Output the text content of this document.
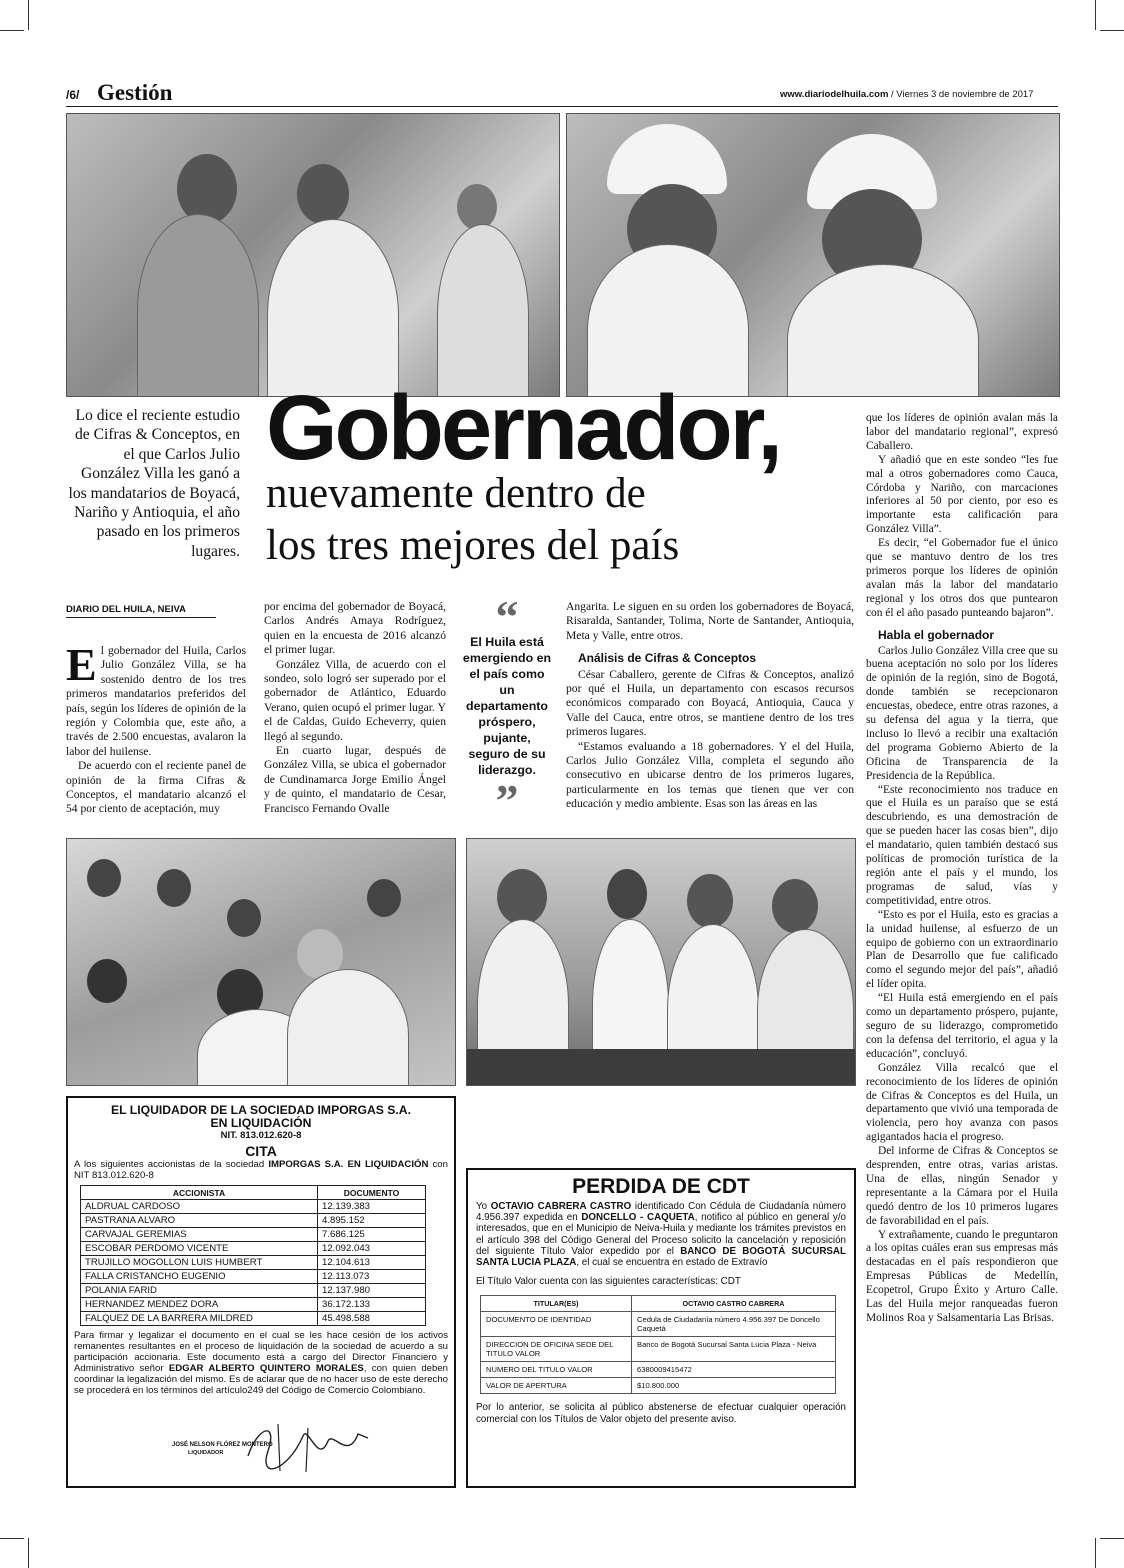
/6/ Gestión	www.diariodelhuila.com / Viernes 3 de noviembre de 2017
Gobernador,
nuevamente dentro de
los tres mejores del país
Lo dice el reciente estudio de Cifras & Conceptos, en el que Carlos Julio González Villa les ganó a los mandatarios de Boyacá, Nariño y Antioquia, el año pasado en los primeros lugares.
DIARIO DEL HUILA, NEIVA
E l gobernador del Huila, Carlos Julio González Villa, se ha sostenido dentro de los tres primeros mandatarios preferidos del país, según los líderes de opinión de la región y Colombia que, este año, a través de 2.500 encuestas, avalaron la labor del huilense.

De acuerdo con el reciente panel de opinión de la firma Cifras & Conceptos, el mandatario alcanzó el 54 por ciento de aceptación, muy

por encima del gobernador de Boyacá, Carlos Andrés Amaya Rodríguez, quien en la encuesta de 2016 alcanzó el primer lugar.

González Villa, de acuerdo con el sondeo, solo logró ser superado por el gobernador de Atlántico, Eduardo Verano, quien ocupó el primer lugar. Y el de Caldas, Guido Echeverry, quien llegó al segundo.

En cuarto lugar, después de González Villa, se ubica el gobernador de Cundinamarca Jorge Emilio Ángel y de quinto, el mandatario de Cesar, Francisco Fernando Ovalle

“
El Huila está emergiendo en el país como un departamento próspero, pujante, seguro de su liderazgo.
”

Angarita. Le siguen en su orden los gobernadores de Boyacá, Risaralda, Santander, Tolima, Norte de Santander, Antioquia, Meta y Valle, entre otros.

Análisis de Cifras & Conceptos

César Caballero, gerente de Cifras & Conceptos, analizó por qué el Huila, un departamento con escasos recursos económicos comparado con Boyacá, Antioquia, Cauca y Valle del Cauca, entre otros, se mantiene dentro de los tres primeros lugares.

“Estamos evaluando a 18 gobernadores. Y el del Huila, Carlos Julio González Villa, completa el segundo año consecutivo en ubicarse dentro de los primeros lugares, particularmente en los temas que tienen que ver con educación y medio ambiente. Esas son las áreas en las

que los líderes de opinión avalan más la labor del mandatario regional”, expresó Caballero.

Y añadió que en este sondeo “les fue mal a otros gobernadores como Cauca, Córdoba y Nariño, con marcaciones inferiores al 50 por ciento, por eso es importante esta calificación para González Villa”.

Es decir, “el Gobernador fue el único que se mantuvo dentro de los tres primeros porque los líderes de opinión avalan más la labor del mandatario regional y los otros dos que puntearon con él el año pasado punteando bajaron”.

Habla el gobernador

Carlos Julio González Villa cree que su buena aceptación no solo por los líderes de opinión de la región, sino de Bogotá, donde también se recepcionaron encuestas, obedece, entre otras razones, a su defensa del agua y la tierra, que incluso lo llevó a recibir una exaltación del programa Gobierno Abierto de la Oficina de Transparencia de la Presidencia de la República.

“Este reconocimiento nos traduce en que el Huila es un paraíso que se está descubriendo, es una demostración de que se pueden hacer las cosas bien”, dijo el mandatario, quien también destacó sus políticas de promoción turística de la región ante el país y el mundo, los programas de salud, vías y competitividad, entre otros.

“Esto es por el Huila, esto es gracias a la unidad huilense, al esfuerzo de un equipo de gobierno con un extraordinario Plan de Desarrollo que fue calificado como el segundo mejor del país”, añadió el líder opita.

“El Huila está emergiendo en el país como un departamento próspero, pujante, seguro de su liderazgo, comprometido con la defensa del territorio, el agua y la educación”, concluyó.

González Villa recalcó que el reconocimiento de los líderes de opinión de Cifras & Conceptos es del Huila, un departamento que vivió una temporada de violencia, pero hoy avanza con pasos agigantados hacia el progreso.

Del informe de Cifras & Conceptos se desprenden, entre otras, varias aristas. Una de ellas, ningún Senador y representante a la Cámara por el Huila quedó dentro de los 10 primeros lugares de favorabilidad en el país.

Y extrañamente, cuando le preguntaron a los opitas cuáles eran sus empresas más destacadas en el país respondieron que Empresas Públicas de Medellín, Ecopetrol, Grupo Éxito y Arturo Calle. Las del Huila mejor ranqueadas fueron Molinos Roa y Salsamentaria Las Brisas.

EL LIQUIDADOR DE LA SOCIEDAD IMPORGAS S.A.
EN LIQUIDACIÓN
NIT. 813.012.620-8
CITA
A los siguientes accionistas de la sociedad IMPORGAS S.A. EN LIQUIDACIÓN con NIT 813.012.620-8
ACCIONISTA	DOCUMENTO
ALDRUAL CARDOSO	12.139.383
PASTRANA ALVARO	4.895.152
CARVAJAL GEREMIAS	7.686.125
ESCOBAR PERDOMO VICENTE	12.092.043
TRUJILLO MOGOLLON LUIS HUMBERT	12.104.613
FALLA CRISTANCHO EUGENIO	12.113.073
POLANIA FARID	12.137.980
HERNANDEZ MENDEZ DORA	36.172.133
FALQUEZ DE LA BARRERA MILDRED	45.498.588
Para firmar y legalizar el documento en el cual se les hace cesión de los activos remanentes resultantes en el proceso de liquidación de la sociedad de acuerdo a su participación accionaria. Este documento está a cargo del Director Financiero y Administrativo señor EDGAR ALBERTO QUINTERO MORALES, con quien deben coordinar la legalización del mismo. Es de aclarar que de no hacer uso de este derecho se procederá en los términos del artículo249 del Código de Comercio Colombiano.
JOSÉ NELSON FLÓREZ MONTERO
LIQUIDADOR
PERDIDA DE CDT
Yo OCTAVIO CABRERA CASTRO identificado Con Cédula de Ciudadanía número 4.956.397 expedida en DONCELLO - CAQUETA, notifico al público en general y/o interesados, que en el Municipio de Neiva-Huila y mediante los trámites previstos en el artículo 398 del Código General del Proceso solicito la cancelación y reposición del siguiente Título Valor expedido por el BANCO DE BOGOTÁ SUCURSAL SANTA LUCIA PLAZA, el cual se encuentra en estado de Extravío
El Título Valor cuenta con las siguientes características: CDT
TITULAR(ES)	OCTAVIO CASTRO CABRERA
DOCUMENTO DE IDENTIDAD	Cedula de Ciudadanía número 4.956.397 De Doncello Caquetá
DIRECCION DE OFICINA SEDE DEL TITULO VALOR	Banco de Bogotá Sucursal Santa Lucia Plaza - Neiva
NUMERO DEL TITULO VALOR	6380009415472
VALOR DE APERTURA	$10.800.000
Por lo anterior, se solicita al público abstenerse de efectuar cualquier operación comercial con los Títulos de Valor objeto del presente aviso.
